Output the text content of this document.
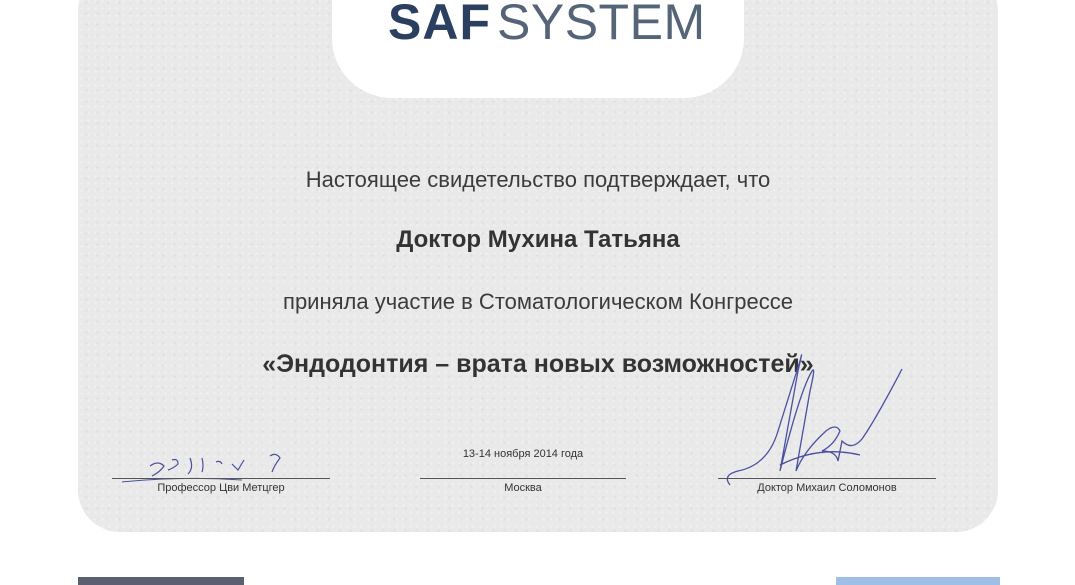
SAF SYSTEM
Настоящее свидетельство подтверждает, что
Доктор Мухина Татьяна
приняла участие в Стоматологическом Конгрессе
«Эндодонтия – врата новых возможностей»
Профессор Цви Метцгер
13-14 ноября 2014 года
Москва	Доктор Михаил Соломонов
